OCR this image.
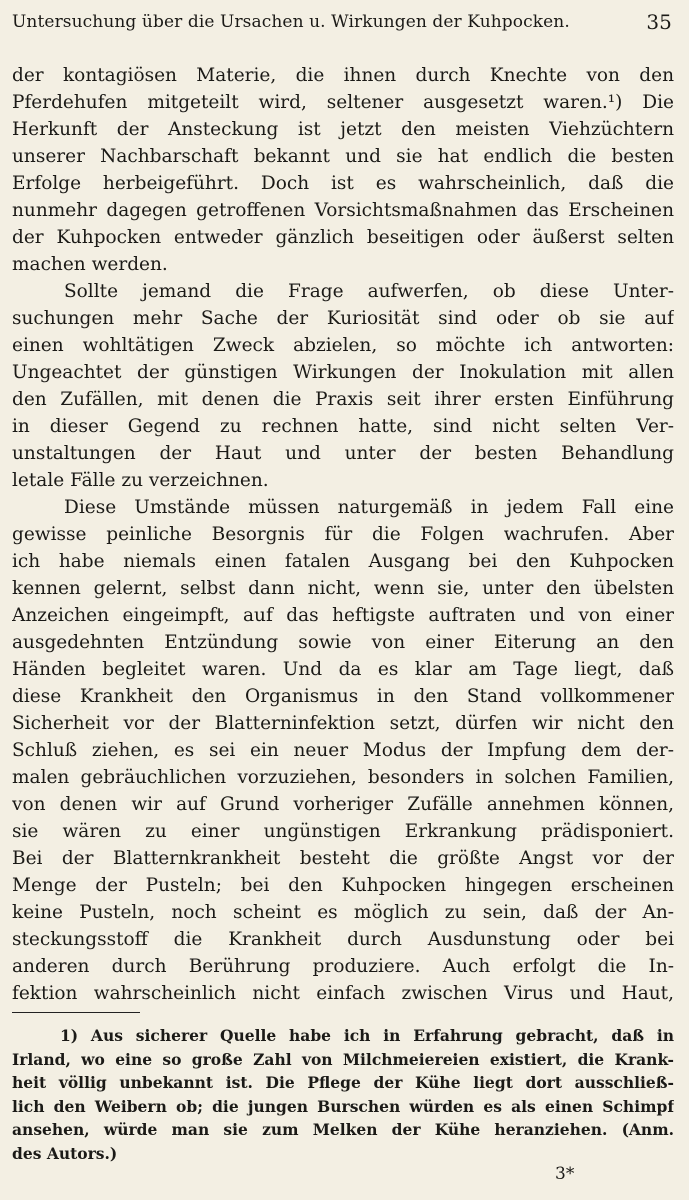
Untersuchung über die Ursachen u. Wirkungen der Kuhpocken.	35
der kontagiösen Materie, die ihnen durch Knechte von den
Pferdehufen mitgeteilt wird, seltener ausgesetzt waren.¹) Die
Herkunft der Ansteckung ist jetzt den meisten Viehzüchtern
unserer Nachbarschaft bekannt und sie hat endlich die besten
Erfolge herbeigeführt. Doch ist es wahrscheinlich, daß die
nunmehr dagegen getroffenen Vorsichtsmaßnahmen das Erscheinen
der Kuhpocken entweder gänzlich beseitigen oder äußerst selten
machen werden.
Sollte jemand die Frage aufwerfen, ob diese Unter-
suchungen mehr Sache der Kuriosität sind oder ob sie auf
einen wohltätigen Zweck abzielen, so möchte ich antworten:
Ungeachtet der günstigen Wirkungen der Inokulation mit allen
den Zufällen, mit denen die Praxis seit ihrer ersten Einführung
in dieser Gegend zu rechnen hatte, sind nicht selten Ver-
unstaltungen der Haut und unter der besten Behandlung
letale Fälle zu verzeichnen.
Diese Umstände müssen naturgemäß in jedem Fall eine
gewisse peinliche Besorgnis für die Folgen wachrufen. Aber
ich habe niemals einen fatalen Ausgang bei den Kuhpocken
kennen gelernt, selbst dann nicht, wenn sie, unter den übelsten
Anzeichen eingeimpft, auf das heftigste auftraten und von einer
ausgedehnten Entzündung sowie von einer Eiterung an den
Händen begleitet waren. Und da es klar am Tage liegt, daß
diese Krankheit den Organismus in den Stand vollkommener
Sicherheit vor der Blatterninfektion setzt, dürfen wir nicht den
Schluß ziehen, es sei ein neuer Modus der Impfung dem der-
malen gebräuchlichen vorzuziehen, besonders in solchen Familien,
von denen wir auf Grund vorheriger Zufälle annehmen können,
sie wären zu einer ungünstigen Erkrankung prädisponiert.
Bei der Blatternkrankheit besteht die größte Angst vor der
Menge der Pusteln; bei den Kuhpocken hingegen erscheinen
keine Pusteln, noch scheint es möglich zu sein, daß der An-
steckungsstoff die Krankheit durch Ausdunstung oder bei
anderen durch Berührung produziere. Auch erfolgt die In-
fektion wahrscheinlich nicht einfach zwischen Virus und Haut,
1) Aus sicherer Quelle habe ich in Erfahrung gebracht, daß in
Irland, wo eine so große Zahl von Milchmeiereien existiert, die Krank-
heit völlig unbekannt ist. Die Pflege der Kühe liegt dort ausschließ-
lich den Weibern ob; die jungen Burschen würden es als einen Schimpf
ansehen, würde man sie zum Melken der Kühe heranziehen. (Anm.
des Autors.)
3*
